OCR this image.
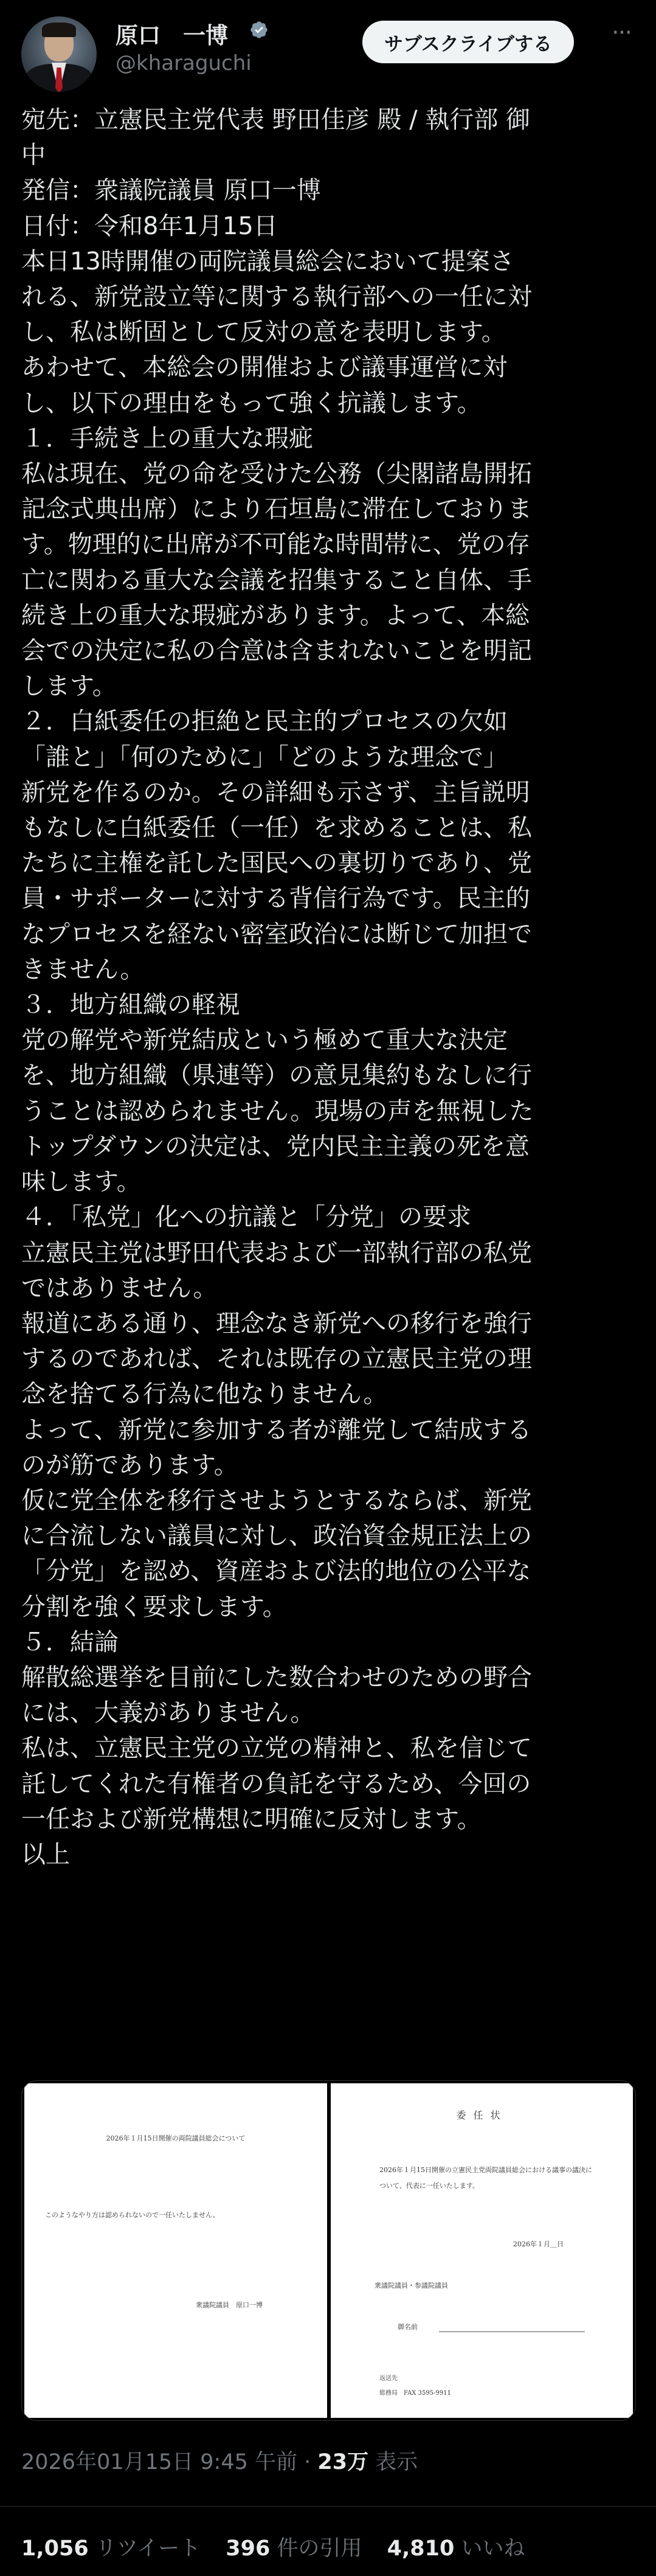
原口　一博
@kharaguchi
サブスクライブする	···
宛先：立憲民主党代表 野田佳彦 殿 / 執行部 御
中
発信：衆議院議員 原口一博
日付：令和8年1月15日
本日13時開催の両院議員総会において提案さ
れる、新党設立等に関する執行部への一任に対
し、私は断固として反対の意を表明します。
あわせて、本総会の開催および議事運営に対
し、以下の理由をもって強く抗議します。
１．手続き上の重大な瑕疵
私は現在、党の命を受けた公務（尖閣諸島開拓
記念式典出席）により石垣島に滞在しておりま
す。物理的に出席が不可能な時間帯に、党の存
亡に関わる重大な会議を招集すること自体、手
続き上の重大な瑕疵があります。よって、本総
会での決定に私の合意は含まれないことを明記
します。
２．白紙委任の拒絶と民主的プロセスの欠如
「誰と」「何のために」「どのような理念で」
新党を作るのか。その詳細も示さず、主旨説明
もなしに白紙委任（一任）を求めることは、私
たちに主権を託した国民への裏切りであり、党
員・サポーターに対する背信行為です。民主的
なプロセスを経ない密室政治には断じて加担で
きません。
３．地方組織の軽視
党の解党や新党結成という極めて重大な決定
を、地方組織（県連等）の意見集約もなしに行
うことは認められません。現場の声を無視した
トップダウンの決定は、党内民主主義の死を意
味します。
４．「私党」化への抗議と「分党」の要求
立憲民主党は野田代表および一部執行部の私党
ではありません。
報道にある通り、理念なき新党への移行を強行
するのであれば、それは既存の立憲民主党の理
念を捨てる行為に他なりません。
よって、新党に参加する者が離党して結成する
のが筋であります。
仮に党全体を移行させようとするならば、新党
に合流しない議員に対し、政治資金規正法上の
「分党」を認め、資産および法的地位の公平な
分割を強く要求します。
５．結論
解散総選挙を目前にした数合わせのための野合
には、大義がありません。
私は、立憲民主党の立党の精神と、私を信じて
託してくれた有権者の負託を守るため、今回の
一任および新党構想に明確に反対します。
以上
2026年１月15日開催の両院議員総会について
このようなやり方は認められないので一任いたしません。
衆議院議員　原口一博
委任状
2026年１月15日開催の立憲民主党両院議員総会における議事の議決について、代表に一任いたします。
2026年１月＿日
衆議院議員・参議院議員
御名前
返送先
総務局　FAX 3595-9911
2026年01月15日 9:45 午前 · 23万 表示
1,056 リツイート 396 件の引用 4,810 いいね
